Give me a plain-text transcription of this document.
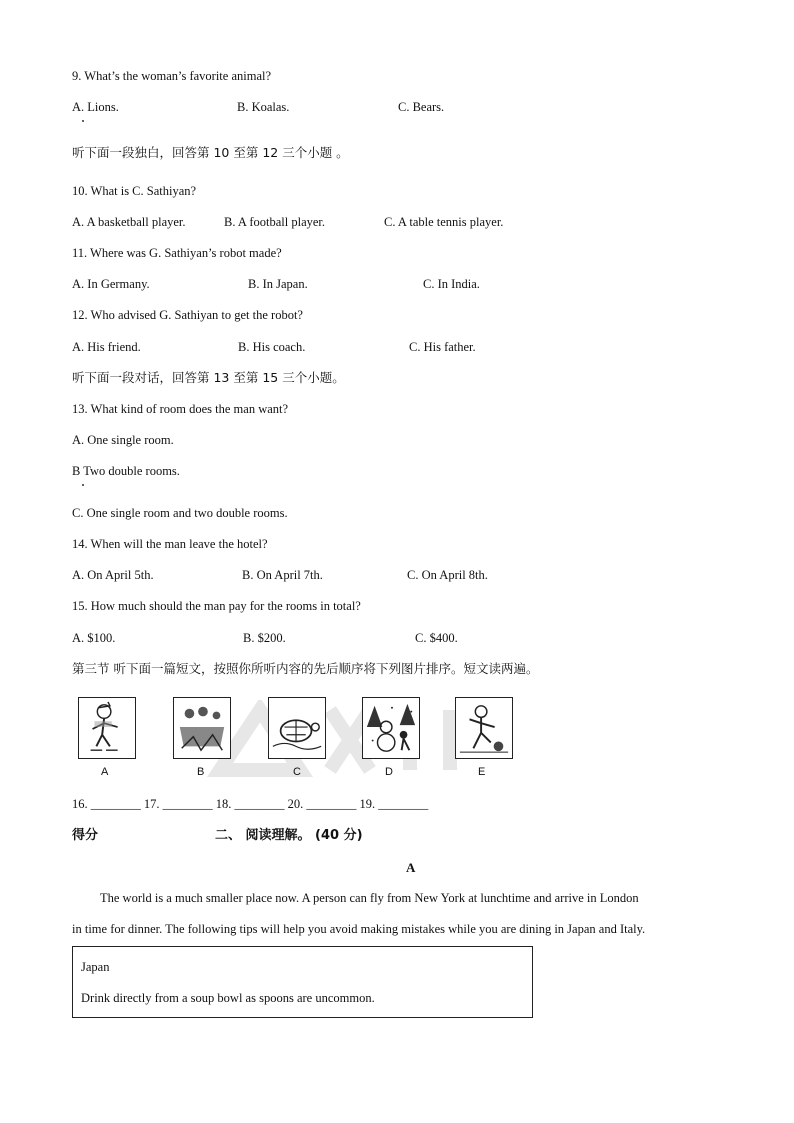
9. What’s the woman’s favorite animal?
A. Lions.	B. Koalas.	C. Bears.
听下面一段独白，回答第 10 至第 12 三个小题 。
10. What is C. Sathiyan?
A. A basketball player.	B. A football player.	C. A table tennis player.
11. Where was G. Sathiyan’s robot made?
A. In Germany.	B. In Japan.	C. In India.
12. Who advised G. Sathiyan to get the robot?
A. His friend.	B. His coach.	C. His father.
听下面一段对话，回答第 13 至第 15 三个小题。
13. What kind of room does the man want?
A. One single room.
B Two double rooms.
C. One single room and two double rooms.
14. When will the man leave the hotel?
A. On April 5th.	B. On April 7th.	C. On April 8th.
15. How much should the man pay for the rooms in total?
A. $100.	B. $200.	C. $400.
第三节 听下面一篇短文，按照你所听内容的先后顺序将下列图片排序。短文读两遍。
A	B	C	D	E
16. ________ 17. ________ 18. ________ 20. ________ 19. ________
得分	二、 阅读理解。 (40 分)
A
The world is a much smaller place now. A person can fly from New York at lunchtime and arrive in London
in time for dinner. The following tips will help you avoid making mistakes while you are dining in Japan and Italy.
Japan
Drink directly from a soup bowl as spoons are uncommon.
